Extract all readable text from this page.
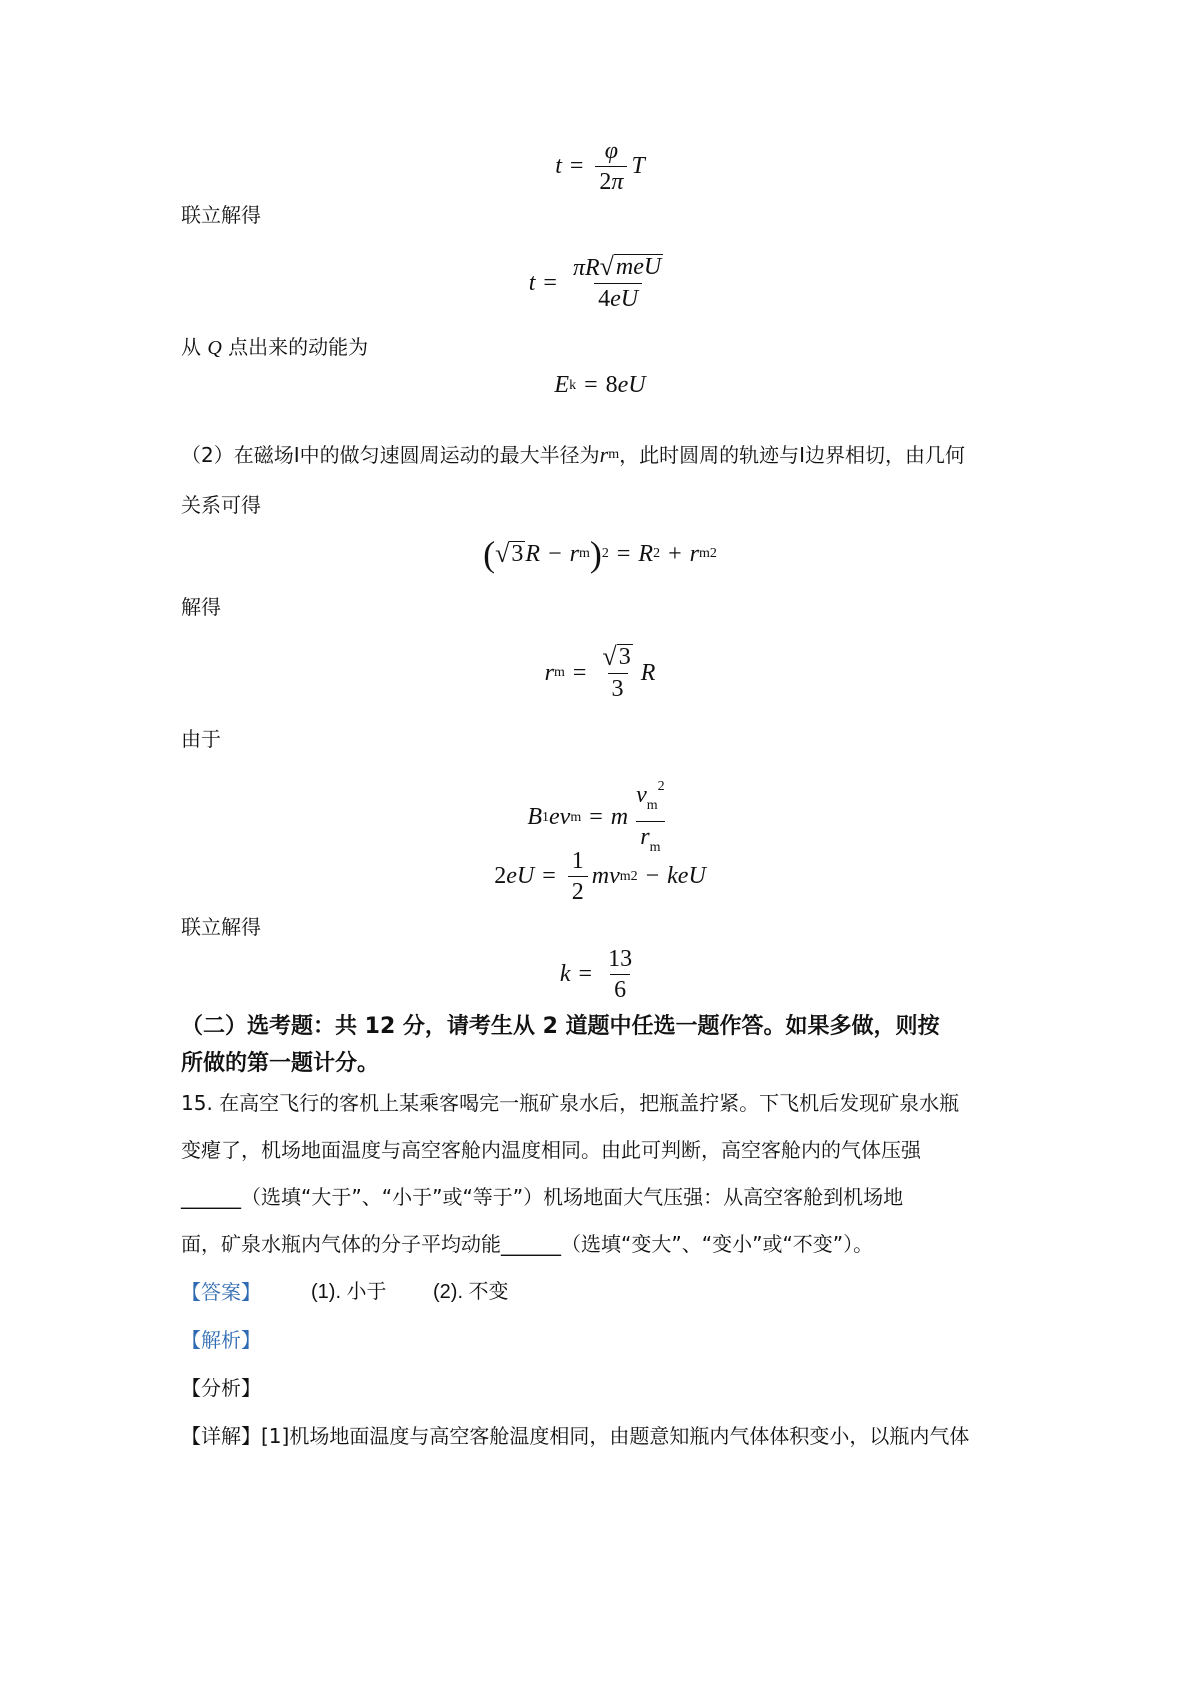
$t = \frac{\varphi}{2\pi}$ T
联立解得
$t = \frac{\text{πR √ meU}}{4eU}$
从 Q 点出来的动能为
E k = 8 eU
（2）在磁场I中的做匀速圆周运动的最大半径为 r m ，此时圆周的轨迹与I边界相切，由几何
关系可得
( √ 3 R − r m ) 2 = R 2 + r m 2
解得
r $m = \frac{√ 3}{3}$ R
由于
B 1 ev m = m $\frac{v_m^2}{r_m}$
2 eU = $\frac{1}{2}$ mv m 2 − keU
联立解得
$k = \frac{13}{6}$
（二）选考题：共 12 分，请考生从 2 道题中任选一题作答。如果多做，则按
所做的第一题计分。
15. 在高空飞行的客机上某乘客喝完一瓶矿泉水后，把瓶盖拧紧。下飞机后发现矿泉水瓶
变瘪了，机场地面温度与高空客舱内温度相同。由此可判断，高空客舱内的气体压强
______（选填“大于”、“小于”或“等于”）机场地面大气压强：从高空客舱到机场地
面，矿泉水瓶内气体的分子平均动能______（选填“变大”、“变小”或“不变”）。
【答案】	(1). 小于 (2). 不变
【解析】
【分析】
【详解】[1]机场地面温度与高空客舱温度相同，由题意知瓶内气体体积变小，以瓶内气体
